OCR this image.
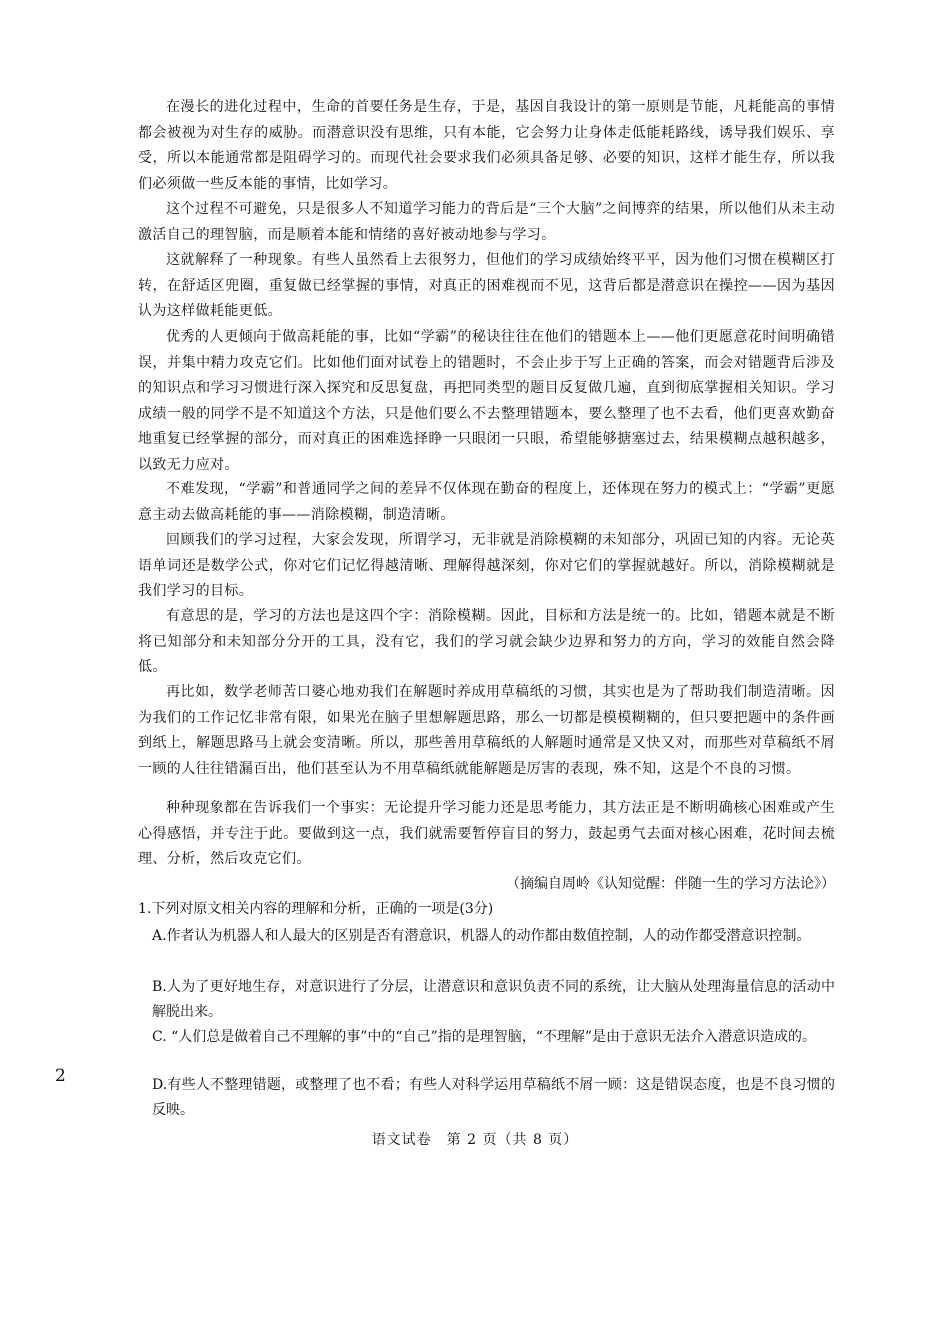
在漫长的进化过程中，生命的首要任务是生存，于是，基因自我设计的第一原则是节能，凡耗能高的事情都会被视为对生存的威胁。而潜意识没有思维，只有本能，它会努力让身体走低能耗路线，诱导我们娱乐、享受，所以本能通常都是阻碍学习的。而现代社会要求我们必须具备足够、必要的知识，这样才能生存，所以我们必须做一些反本能的事情，比如学习。

这个过程不可避免，只是很多人不知道学习能力的背后是“三个大脑”之间博弈的结果，所以他们从未主动激活自己的理智脑，而是顺着本能和情绪的喜好被动地参与学习。

这就解释了一种现象。有些人虽然看上去很努力，但他们的学习成绩始终平平，因为他们习惯在模糊区打转，在舒适区兜圈，重复做已经掌握的事情，对真正的困难视而不见，这背后都是潜意识在操控——因为基因认为这样做耗能更低。

优秀的人更倾向于做高耗能的事，比如“学霸”的秘诀往往在他们的错题本上——他们更愿意花时间明确错误，并集中精力攻克它们。比如他们面对试卷上的错题时，不会止步于写上正确的答案，而会对错题背后涉及的知识点和学习习惯进行深入探究和反思复盘，再把同类型的题目反复做几遍，直到彻底掌握相关知识。学习成绩一般的同学不是不知道这个方法，只是他们要么不去整理错题本，要么整理了也不去看，他们更喜欢勤奋地重复已经掌握的部分，而对真正的困难选择睁一只眼闭一只眼，希望能够搪塞过去，结果模糊点越积越多，以致无力应对。

不难发现，“学霸”和普通同学之间的差异不仅体现在勤奋的程度上，还体现在努力的模式上：“学霸”更愿意主动去做高耗能的事——消除模糊，制造清晰。

回顾我们的学习过程，大家会发现，所谓学习，无非就是消除模糊的未知部分，巩固已知的内容。无论英语单词还是数学公式，你对它们记忆得越清晰、理解得越深刻，你对它们的掌握就越好。所以，消除模糊就是我们学习的目标。

有意思的是，学习的方法也是这四个字：消除模糊。因此，目标和方法是统一的。比如，错题本就是不断将已知部分和未知部分分开的工具，没有它，我们的学习就会缺少边界和努力的方向，学习的效能自然会降低。

再比如，数学老师苦口婆心地劝我们在解题时养成用草稿纸的习惯，其实也是为了帮助我们制造清晰。因为我们的工作记忆非常有限，如果光在脑子里想解题思路，那么一切都是模模糊糊的，但只要把题中的条件画到纸上，解题思路马上就会变清晰。所以，那些善用草稿纸的人解题时通常是又快又对，而那些对草稿纸不屑一顾的人往往错漏百出，他们甚至认为不用草稿纸就能解题是厉害的表现，殊不知，这是个不良的习惯。

种种现象都在告诉我们一个事实：无论提升学习能力还是思考能力，其方法正是不断明确核心困难或产生心得感悟，并专注于此。要做到这一点，我们就需要暂停盲目的努力，鼓起勇气去面对核心困难，花时间去梳理、分析，然后攻克它们。

（摘编自周岭《认知觉醒：伴随一生的学习方法论》）

1.下列对原文相关内容的理解和分析，正确的一项是(3分)

A.作者认为机器人和人最大的区别是否有潜意识，机器人的动作都由数值控制，人的动作都受潜意识控制。

B.人为了更好地生存，对意识进行了分层，让潜意识和意识负责不同的系统，让大脑从处理海量信息的活动中解脱出来。

C. “人们总是做着自己不理解的事”中的“自己”指的是理智脑，“不理解”是由于意识无法介入潜意识造成的。

D.有些人不整理错题，或整理了也不看；有些人对科学运用草稿纸不屑一顾：这是错误态度，也是不良习惯的反映。

2
语文试卷　第 2 页（共 8 页）
